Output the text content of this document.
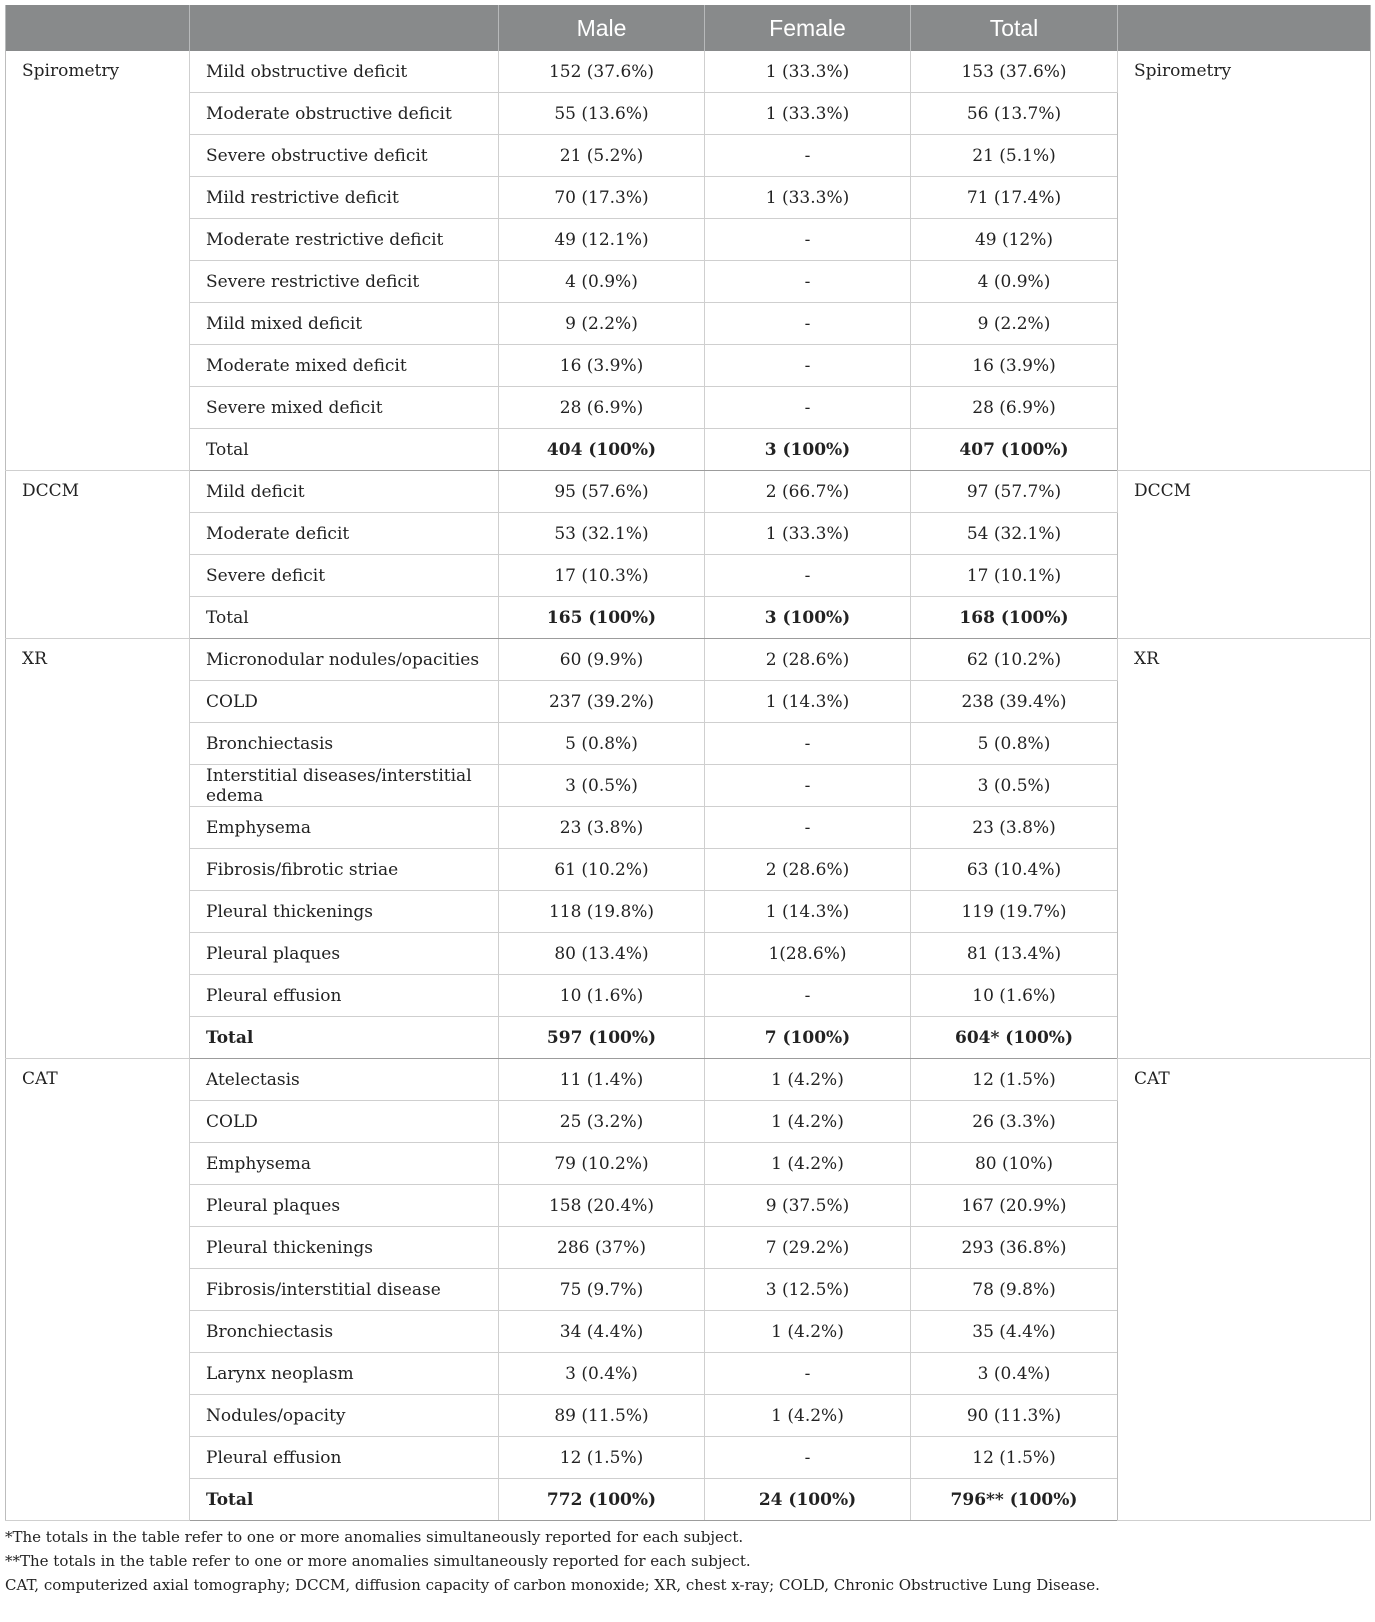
		Male	Female	Total	
Spirometry	Mild obstructive deficit	152 (37.6%)	1 (33.3%)	153 (37.6%)	Spirometry
	Moderate obstructive deficit	55 (13.6%)	1 (33.3%)	56 (13.7%)	
	Severe obstructive deficit	21 (5.2%)	-	21 (5.1%)	
	Mild restrictive deficit	70 (17.3%)	1 (33.3%)	71 (17.4%)	
	Moderate restrictive deficit	49 (12.1%)	-	49 (12%)	
	Severe restrictive deficit	4 (0.9%)	-	4 (0.9%)	
	Mild mixed deficit	9 (2.2%)	-	9 (2.2%)	
	Moderate mixed deficit	16 (3.9%)	-	16 (3.9%)	
	Severe mixed deficit	28 (6.9%)	-	28 (6.9%)	
	Total	404 (100%)	3 (100%)	407 (100%)	
DCCM	Mild deficit	95 (57.6%)	2 (66.7%)	97 (57.7%)	DCCM
	Moderate deficit	53 (32.1%)	1 (33.3%)	54 (32.1%)	
	Severe deficit	17 (10.3%)	-	17 (10.1%)	
	Total	165 (100%)	3 (100%)	168 (100%)	
XR	Micronodular nodules/opacities	60 (9.9%)	2 (28.6%)	62 (10.2%)	XR
	COLD	237 (39.2%)	1 (14.3%)	238 (39.4%)	
	Bronchiectasis	5 (0.8%)	-	5 (0.8%)	
	Interstitial diseases/interstitial edema	3 (0.5%)	-	3 (0.5%)	
	Emphysema	23 (3.8%)	-	23 (3.8%)	
	Fibrosis/fibrotic striae	61 (10.2%)	2 (28.6%)	63 (10.4%)	
	Pleural thickenings	118 (19.8%)	1 (14.3%)	119 (19.7%)	
	Pleural plaques	80 (13.4%)	1(28.6%)	81 (13.4%)	
	Pleural effusion	10 (1.6%)	-	10 (1.6%)	
	Total	597 (100%)	7 (100%)	604* (100%)	
CAT	Atelectasis	11 (1.4%)	1 (4.2%)	12 (1.5%)	CAT
	COLD	25 (3.2%)	1 (4.2%)	26 (3.3%)	
	Emphysema	79 (10.2%)	1 (4.2%)	80 (10%)	
	Pleural plaques	158 (20.4%)	9 (37.5%)	167 (20.9%)	
	Pleural thickenings	286 (37%)	7 (29.2%)	293 (36.8%)	
	Fibrosis/interstitial disease	75 (9.7%)	3 (12.5%)	78 (9.8%)	
	Bronchiectasis	34 (4.4%)	1 (4.2%)	35 (4.4%)	
	Larynx neoplasm	3 (0.4%)	-	3 (0.4%)	
	Nodules/opacity	89 (11.5%)	1 (4.2%)	90 (11.3%)	
	Pleural effusion	12 (1.5%)	-	12 (1.5%)	
	Total	772 (100%)	24 (100%)	796** (100%)	
*The totals in the table refer to one or more anomalies simultaneously reported for each subject.
**The totals in the table refer to one or more anomalies simultaneously reported for each subject.
CAT, computerized axial tomography; DCCM, diffusion capacity of carbon monoxide; XR, chest x-ray; COLD, Chronic Obstructive Lung Disease.
